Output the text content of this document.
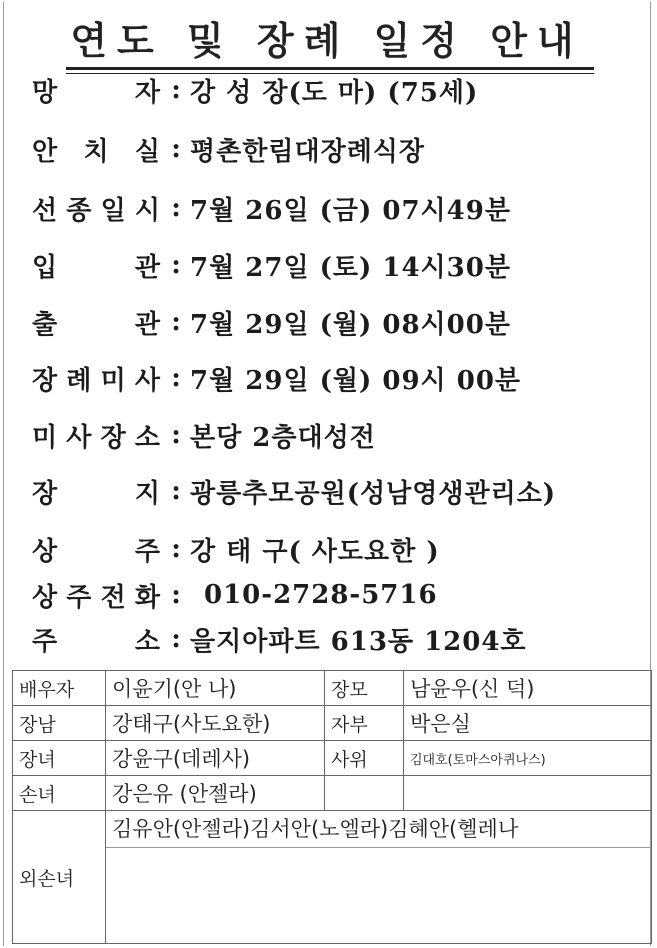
연도 및 장례 일정 안내
망	자 : 강 성 장(도 마) (75세)
안 치 실 : 평촌한림대장례식장
선 종 일 시 : 7월 26일 (금) 07시49분
입	관 : 7월 27일 (토) 14시30분
출	관 : 7월 29일 (월) 08시00분
장 례 미 사 : 7월 29일 (월) 09시 00분
미 사 장 소 : 본당 2층대성전
장	지 : 광릉추모공원(성남영생관리소)
상	주 : 강 태 구( 사도요한 )
상 주 전 화 : 010-2728-5716
주	소 : 을지아파트 613동 1204호
배우자	이윤기(안 나)	장모	남윤우(신 덕)
장남	강태구(사도요한)	자부	박은실
장녀	강윤구(데레사)	사위	김대호(토마스아퀴나스)
손녀	강은유 (안젤라)		
외손녀	김유안(안젤라)김서안(노엘라)김혜안(헬레나		
